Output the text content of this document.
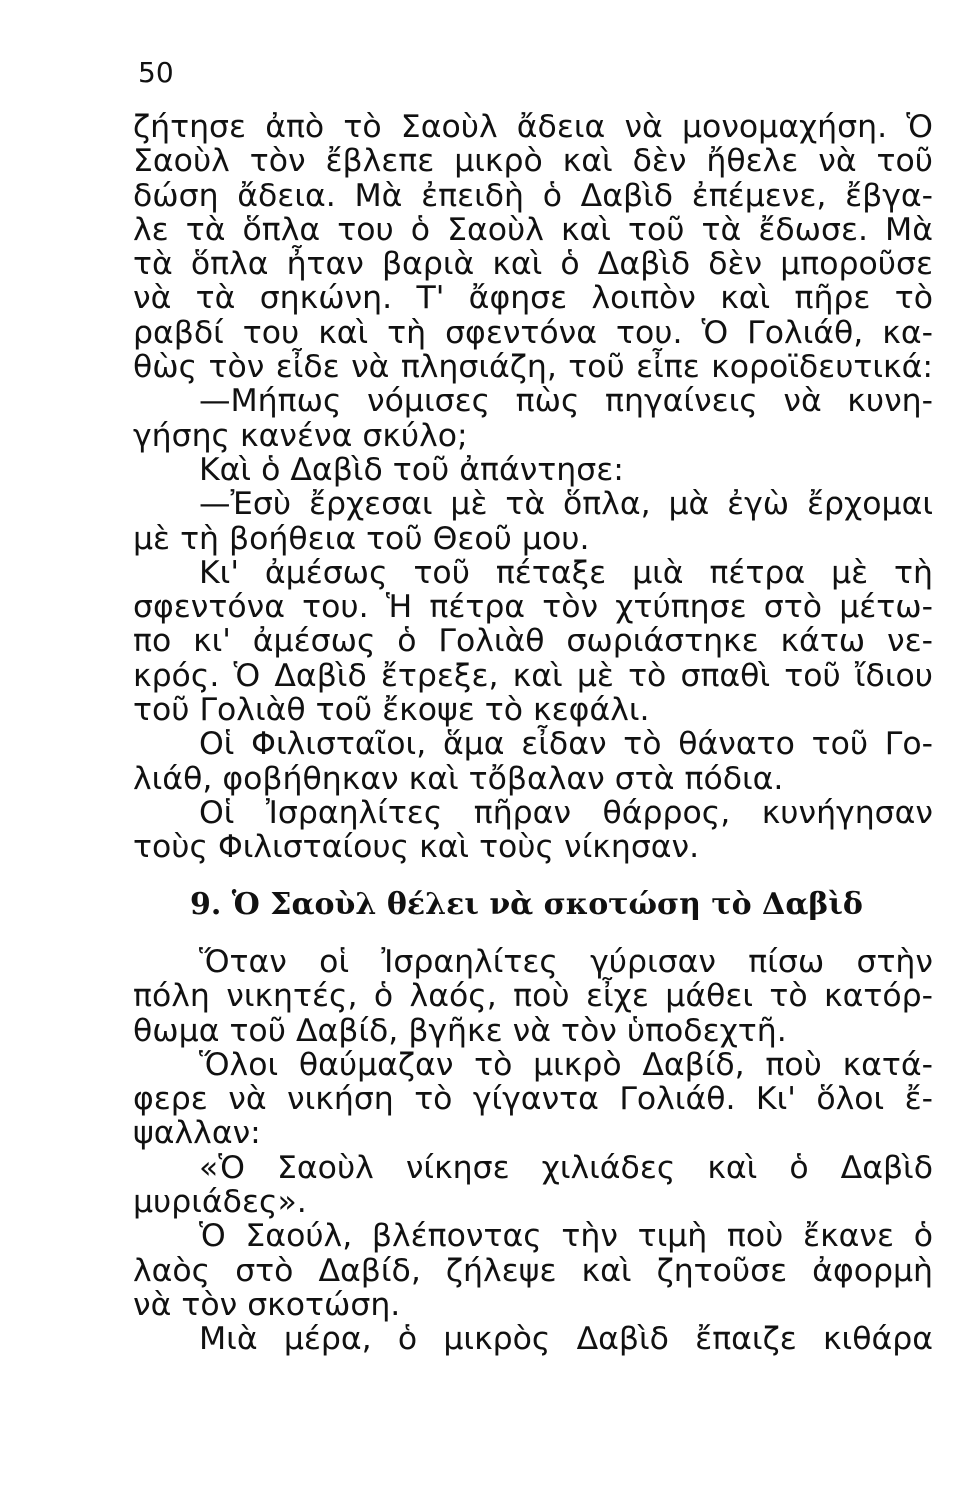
50
ζήτησε ἀπὸ τὸ Σαοὺλ ἄδεια νὰ μονομαχήση. Ὁ
Σαοὺλ τὸν ἔβλεπε μικρὸ καὶ δὲν ἤθελε νὰ τοῦ
δώση ἄδεια. Μὰ ἐπειδὴ ὁ Δαβὶδ ἐπέμενε, ἔβγα-
λε τὰ ὅπλα του ὁ Σαοὺλ καὶ τοῦ τὰ ἔδωσε. Μὰ
τὰ ὅπλα ἦταν βαριὰ καὶ ὁ Δαβὶδ δὲν μποροῦσε
νὰ τὰ σηκώνη. Τ' ἄφησε λοιπὸν καὶ πῆρε τὸ
ραβδί του καὶ τὴ σφεντόνα του. Ὁ Γολιάθ, κα-
θὼς τὸν εἶδε νὰ πλησιάζη, τοῦ εἶπε κοροϊδευτικά:
—Μήπως νόμισες πὼς πηγαίνεις νὰ κυνη-
γήσης κανένα σκύλο;
Καὶ ὁ Δαβὶδ τοῦ ἀπάντησε:
—Ἐσὺ ἔρχεσαι μὲ τὰ ὅπλα, μὰ ἐγὼ ἔρχομαι
μὲ τὴ βοήθεια τοῦ Θεοῦ μου.
Κι' ἀμέσως τοῦ πέταξε μιὰ πέτρα μὲ τὴ
σφεντόνα του. Ἡ πέτρα τὸν χτύπησε στὸ μέτω-
πο κι' ἀμέσως ὁ Γολιὰθ σωριάστηκε κάτω νε-
κρός. Ὁ Δαβὶδ ἔτρεξε, καὶ μὲ τὸ σπαθὶ τοῦ ἴδιου
τοῦ Γολιὰθ τοῦ ἔκοψε τὸ κεφάλι.
Οἱ Φιλισταῖοι, ἅμα εἶδαν τὸ θάνατο τοῦ Γο-
λιάθ, φοβήθηκαν καὶ τὄβαλαν στὰ πόδια.
Οἱ Ἰσραηλίτες πῆραν θάρρος, κυνήγησαν
τοὺς Φιλισταίους καὶ τοὺς νίκησαν.
9. Ὁ Σαοὺλ θέλει νὰ σκοτώση τὸ Δαβὶδ
Ὅταν οἱ Ἰσραηλίτες γύρισαν πίσω στὴν
πόλη νικητές, ὁ λαός, ποὺ εἶχε μάθει τὸ κατόρ-
θωμα τοῦ Δαβίδ, βγῆκε νὰ τὸν ὑποδεχτῆ.
Ὅλοι θαύμαζαν τὸ μικρὸ Δαβίδ, ποὺ κατά-
φερε νὰ νικήση τὸ γίγαντα Γολιάθ. Κι' ὅλοι ἔ-
ψαλλαν:
«Ὁ Σαοὺλ νίκησε χιλιάδες καὶ ὁ Δαβὶδ
μυριάδες».
Ὁ Σαούλ, βλέποντας τὴν τιμὴ ποὺ ἔκανε ὁ
λαὸς στὸ Δαβίδ, ζήλεψε καὶ ζητοῦσε ἀφορμὴ
νὰ τὸν σκοτώση.
Μιὰ μέρα, ὁ μικρὸς Δαβὶδ ἔπαιζε κιθάρα
